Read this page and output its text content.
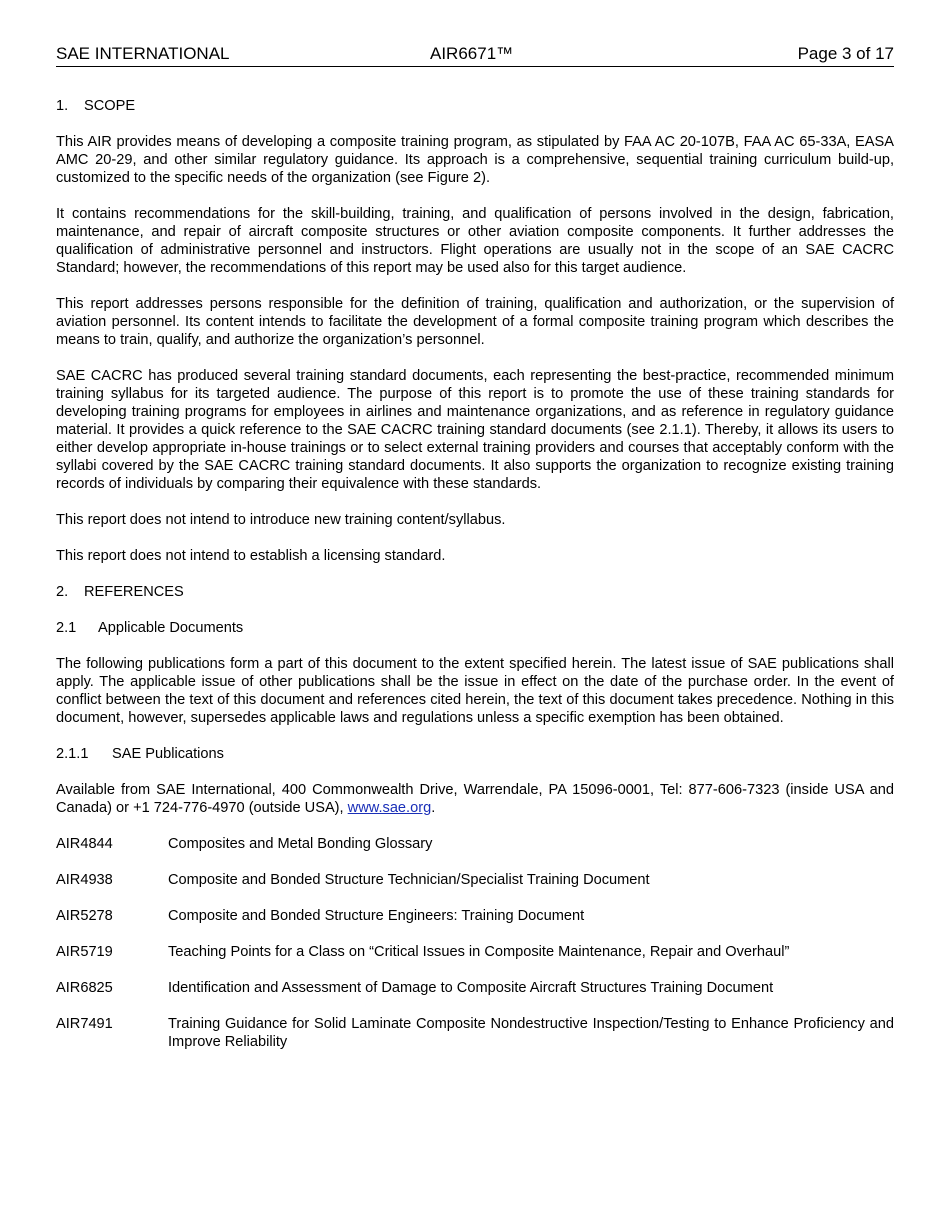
SAE INTERNATIONAL	AIR6671™	Page 3 of 17
1. SCOPE

This AIR provides means of developing a composite training program, as stipulated by FAA AC 20-107B, FAA AC 65-33A, EASA AMC 20-29, and other similar regulatory guidance. Its approach is a comprehensive, sequential training curriculum build-up, customized to the specific needs of the organization (see Figure 2).

It contains recommendations for the skill-building, training, and qualification of persons involved in the design, fabrication, maintenance, and repair of aircraft composite structures or other aviation composite components. It further addresses the qualification of administrative personnel and instructors. Flight operations are usually not in the scope of an SAE CACRC Standard; however, the recommendations of this report may be used also for this target audience.

This report addresses persons responsible for the definition of training, qualification and authorization, or the supervision of aviation personnel. Its content intends to facilitate the development of a formal composite training program which describes the means to train, qualify, and authorize the organization’s personnel.

SAE CACRC has produced several training standard documents, each representing the best-practice, recommended minimum training syllabus for its targeted audience. The purpose of this report is to promote the use of these training standards for developing training programs for employees in airlines and maintenance organizations, and as reference in regulatory guidance material. It provides a quick reference to the SAE CACRC training standard documents (see 2.1.1). Thereby, it allows its users to either develop appropriate in-house trainings or to select external training providers and courses that acceptably conform with the syllabi covered by the SAE CACRC training standard documents. It also supports the organization to recognize existing training records of individuals by comparing their equivalence with these standards.

This report does not intend to introduce new training content/syllabus.

This report does not intend to establish a licensing standard.

2. REFERENCES
2.1 Applicable Documents

The following publications form a part of this document to the extent specified herein. The latest issue of SAE publications shall apply. The applicable issue of other publications shall be the issue in effect on the date of the purchase order. In the event of conflict between the text of this document and references cited herein, the text of this document takes precedence. Nothing in this document, however, supersedes applicable laws and regulations unless a specific exemption has been obtained.

2.1.1 SAE Publications

Available from SAE International, 400 Commonwealth Drive, Warrendale, PA 15096-0001, Tel: 877-606-7323 (inside USA and Canada) or +1 724-776-4970 (outside USA), www.sae.org.

AIR4844	Composites and Metal Bonding Glossary
AIR4938	Composite and Bonded Structure Technician/Specialist Training Document
AIR5278	Composite and Bonded Structure Engineers: Training Document
AIR5719	Teaching Points for a Class on “Critical Issues in Composite Maintenance, Repair and Overhaul”
AIR6825	Identification and Assessment of Damage to Composite Aircraft Structures Training Document
AIR7491	Training Guidance for Solid Laminate Composite Nondestructive Inspection/Testing to Enhance Proficiency and Improve Reliability
